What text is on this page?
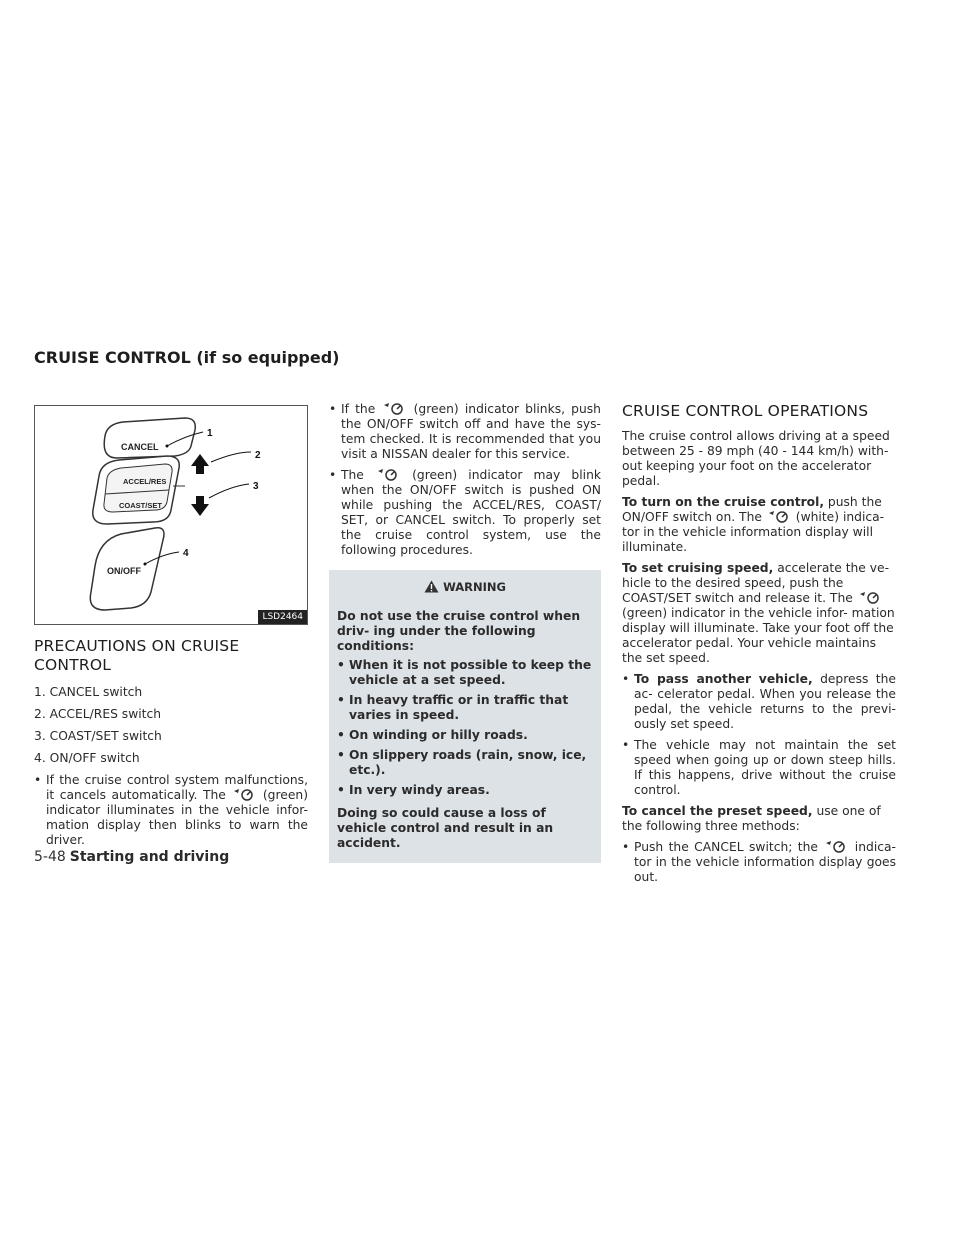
CRUISE CONTROL (if so equipped)
CANCEL
ACCEL/RES
COAST/SET
ON/OFF
1
2
3
4
LSD2464
PRECAUTIONS ON CRUISE CONTROL
1. CANCEL switch
2. ACCEL/RES switch
3. COAST/SET switch
4. ON/OFF switch
• If the cruise control system malfunctions, it cancels automatically. The	(green) indicator illuminates in the vehicle infor- mation display then blinks to warn the driver.
• If the	(green) indicator blinks, push the ON/OFF switch off and have the sys- tem checked. It is recommended that you visit a NISSAN dealer for this service.
• The	(green) indicator may blink when the ON/OFF switch is pushed ON while pushing the ACCEL/RES, COAST/ SET, or CANCEL switch. To properly set the cruise control system, use the following procedures.
WARNING

Do not use the cruise control when driv- ing under the following conditions:

• When it is not possible to keep the vehicle at a set speed.
• In heavy traffic or in traffic that varies in speed.
• On winding or hilly roads.
• On slippery roads (rain, snow, ice, etc.).
• In very windy areas.

Doing so could cause a loss of vehicle control and result in an accident.

CRUISE CONTROL OPERATIONS

The cruise control allows driving at a speed between 25 - 89 mph (40 - 144 km/h) with- out keeping your foot on the accelerator pedal.

To turn on the cruise control, push the ON/OFF switch on. The	(white) indica- tor in the vehicle information display will illuminate.

To set cruising speed, accelerate the ve- hicle to the desired speed, push the COAST/SET switch and release it. The
(green) indicator in the vehicle infor- mation display will illuminate. Take your foot off the accelerator pedal. Your vehicle maintains the set speed.

• To pass another vehicle, depress the ac- celerator pedal. When you release the pedal, the vehicle returns to the previ- ously set speed.
• The vehicle may not maintain the set speed when going up or down steep hills. If this happens, drive without the cruise control.

To cancel the preset speed, use one of the following three methods:

• Push the CANCEL switch; the	indica- tor in the vehicle information display goes out.
5-48 Starting and driving
